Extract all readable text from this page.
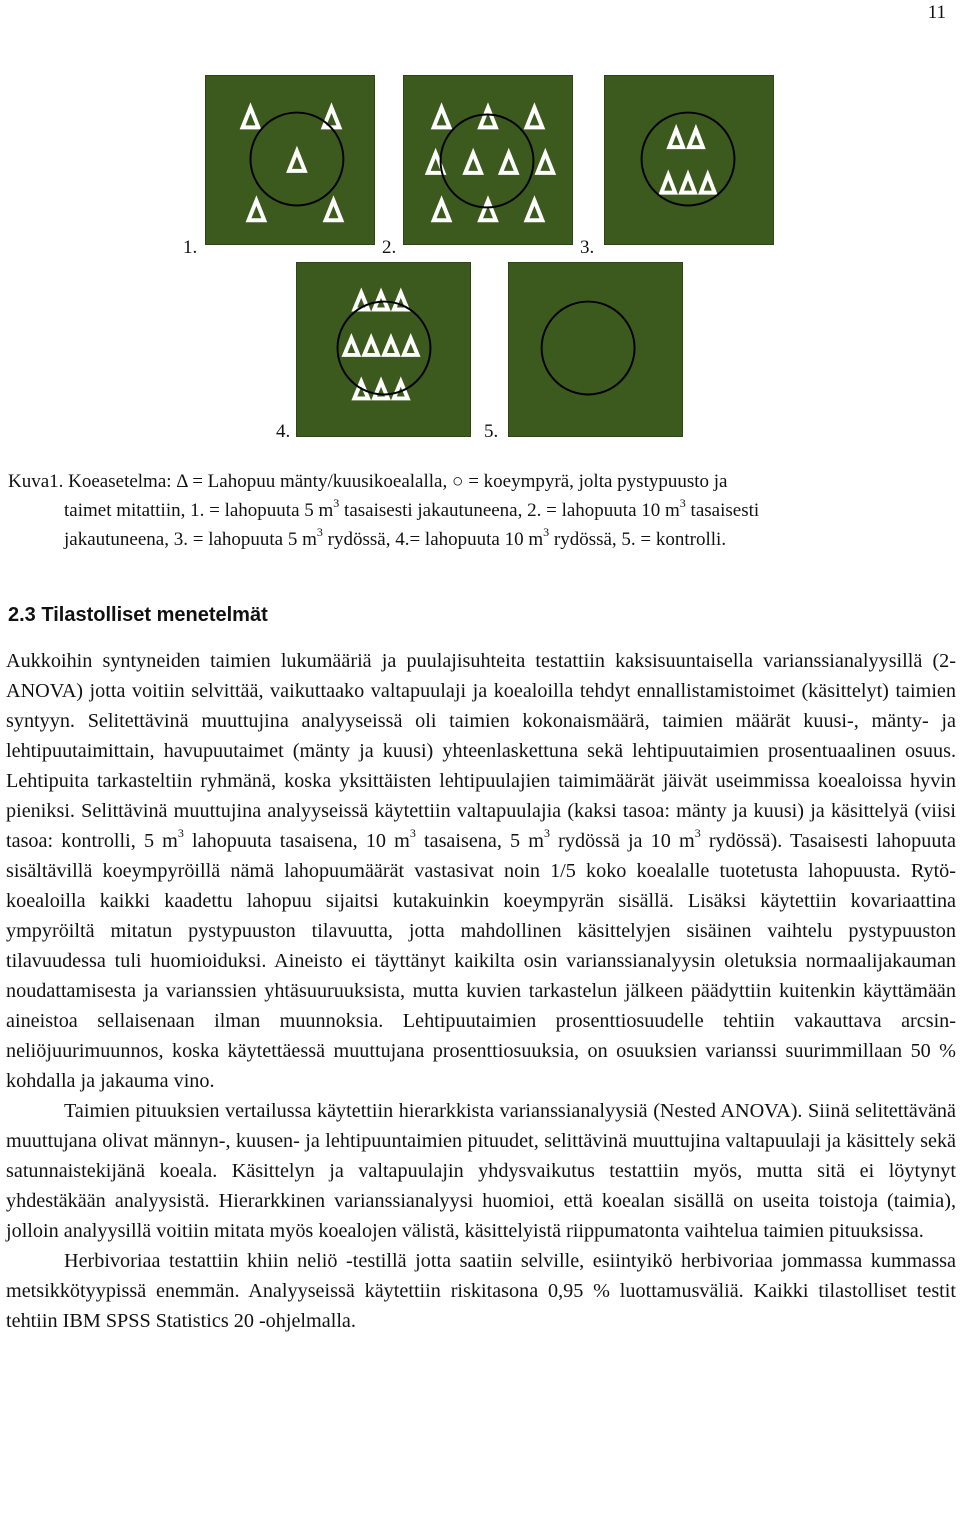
11
1.	2.	3.
4.	5.
Kuva1. Koeasetelma: Δ = Lahopuu mänty/kuusikoealalla, ○ = koeympyrä, jolta pystypuusto ja
taimet mitattiin, 1. = lahopuuta 5 $m^3$ tasaisesti jakautuneena, 2. = lahopuuta 10 $m^3$ tasaisesti
jakautuneena, 3. = lahopuuta 5 $m^3$ rydössä, 4.= lahopuuta 10 $m^3$ rydössä, 5. = kontrolli.
2.3 Tilastolliset menetelmät

Aukkoihin syntyneiden taimien lukumääriä ja puulajisuhteita testattiin kaksisuuntaisella varianssianalyysillä (2-ANOVA) jotta voitiin selvittää, vaikuttaako valtapuulaji ja koealoilla tehdyt ennallistamistoimet (käsittelyt) taimien syntyyn. Selitettävinä muuttujina analyyseissä oli taimien kokonaismäärä, taimien määrät kuusi-, mänty- ja lehtipuutaimittain, havupuutaimet (mänty ja kuusi) yhteenlaskettuna sekä lehtipuutaimien prosentuaalinen osuus. Lehtipuita tarkasteltiin ryhmänä, koska yksittäisten lehtipuulajien taimimäärät jäivät useimmissa koealoissa hyvin pieniksi. Selittävinä muuttujina analyyseissä käytettiin valtapuulajia (kaksi tasoa: mänty ja kuusi) ja käsittelyä (viisi tasoa: kontrolli, 5 $m^3$ lahopuuta tasaisena, 10 $m^3$ tasaisena, 5 $m^3$ rydössä ja 10 $m^3$ rydössä). Tasaisesti lahopuuta sisältävillä koeympyröillä nämä lahopuumäärät vastasivat noin 1/5 koko koealalle tuotetusta lahopuusta. Rytö-koealoilla kaikki kaadettu lahopuu sijaitsi kutakuinkin koeympyrän sisällä. Lisäksi käytettiin kovariaattina ympyröiltä mitatun pystypuuston tilavuutta, jotta mahdollinen käsittelyjen sisäinen vaihtelu pystypuuston tilavuudessa tuli huomioiduksi. Aineisto ei täyttänyt kaikilta osin varianssianalyysin oletuksia normaalijakauman noudattamisesta ja varianssien yhtäsuuruuksista, mutta kuvien tarkastelun jälkeen päädyttiin kuitenkin käyttämään aineistoa sellaisenaan ilman muunnoksia. Lehtipuutaimien prosenttiosuudelle tehtiin vakauttava arcsin-neliöjuurimuunnos, koska käytettäessä muuttujana prosenttiosuuksia, on osuuksien varianssi suurimmillaan 50 % kohdalla ja jakauma vino.

Taimien pituuksien vertailussa käytettiin hierarkkista varianssianalyysiä (Nested ANOVA). Siinä selitettävänä muuttujana olivat männyn-, kuusen- ja lehtipuuntaimien pituudet, selittävinä muuttujina valtapuulaji ja käsittely sekä satunnaistekijänä koeala. Käsittelyn ja valtapuulajin yhdysvaikutus testattiin myös, mutta sitä ei löytynyt yhdestäkään analyysistä. Hierarkkinen varianssianalyysi huomioi, että koealan sisällä on useita toistoja (taimia), jolloin analyysillä voitiin mitata myös koealojen välistä, käsittelyistä riippumatonta vaihtelua taimien pituuksissa.

Herbivoriaa testattiin khiin neliö -testillä jotta saatiin selville, esiintyikö herbivoriaa jommassa kummassa metsikkötyypissä enemmän. Analyyseissä käytettiin riskitasona 0,95 % luottamusväliä. Kaikki tilastolliset testit tehtiin IBM SPSS Statistics 20 -ohjelmalla.
